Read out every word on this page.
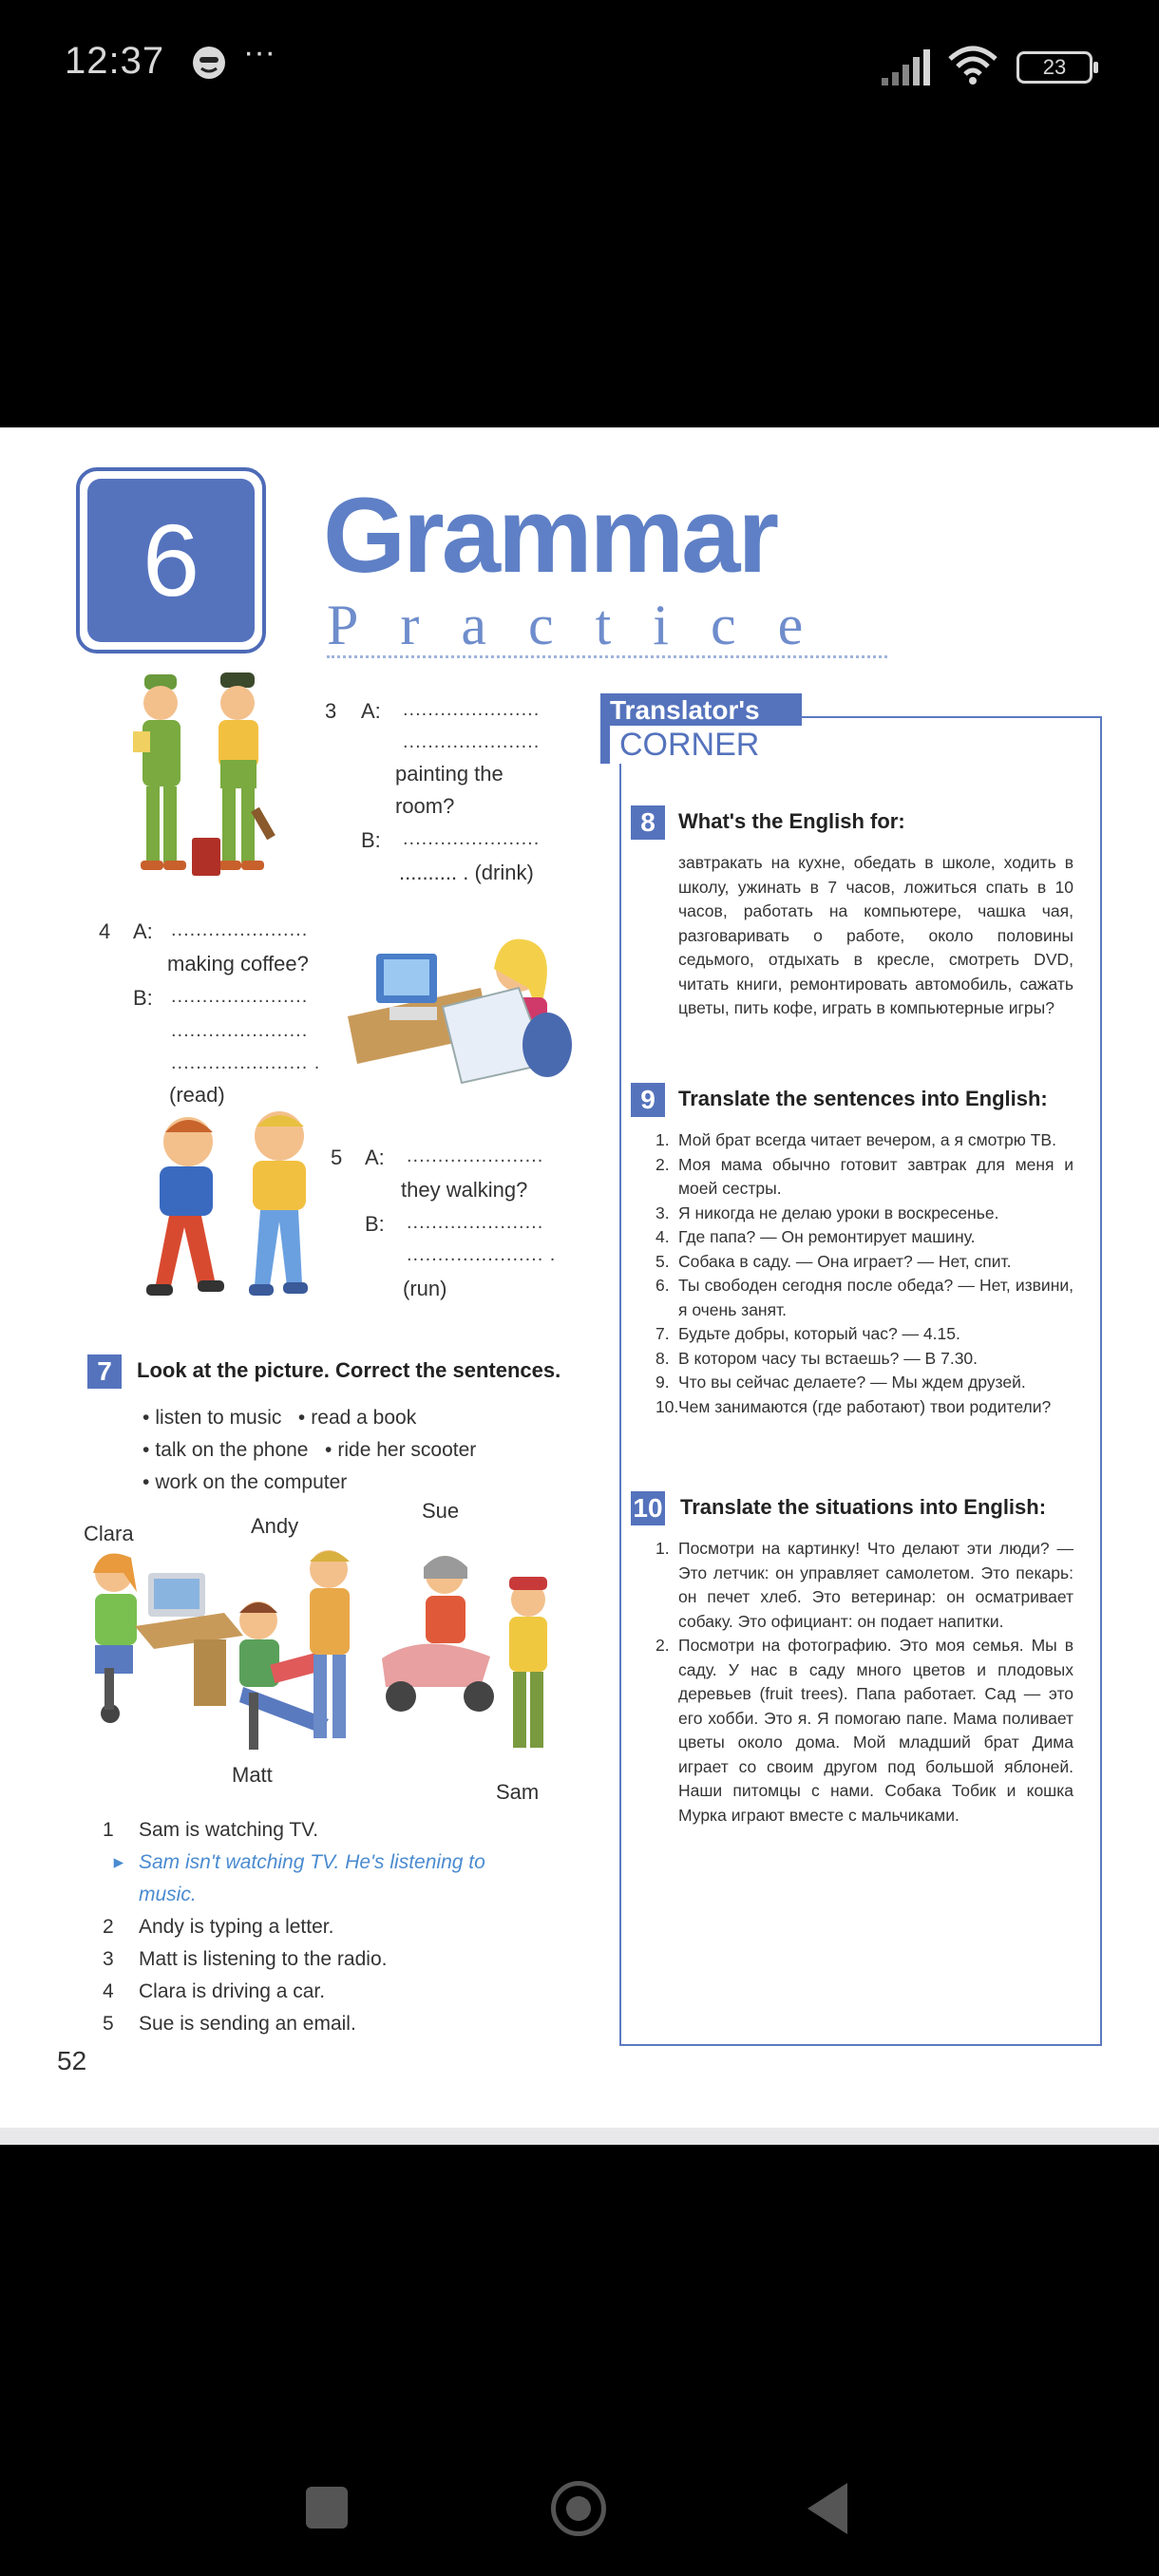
12:37 ···	23
6	Grammar
Practice
3 A: ......................
......................
painting the
room?
B: ......................
.......... . (drink)
4 A: ......................
making coffee?
B: ......................
......................
...................... .
(read)
5 A: ......................
they walking?
B: ......................
...................... .
(run)
7	Look at the picture. Correct the sentences.
• listen to music • read a book
• talk on the phone • ride her scooter
• work on the computer
Clara	Andy
Sue
Matt
Sam
1	Sam is watching TV.
▸ Sam isn't watching TV. He's listening to
music.
2	Andy is typing a letter.
3	Matt is listening to the radio.
4	Clara is driving a car.
5	Sue is sending an email.
52
Translator's
CORNER
8	What's the English for:
завтракать на кухне, обедать в школе, ходить в школу, ужинать в 7 часов, ложиться спать в 10 часов, работать на компьютере, чашка чая, разговаривать о работе, около половины седьмого, отдыхать в кресле, смотреть DVD, читать книги, ремонтировать автомобиль, сажать цветы, пить кофе, играть в компьютерные игры?
9	Translate the sentences into English:
1. Мой брат всегда читает вечером, а я смотрю ТВ.
2. Моя мама обычно готовит завтрак для меня и моей сестры.
3. Я никогда не делаю уроки в воскресенье.
4. Где папа? — Он ремонтирует машину.
5. Собака в саду. — Она играет? — Нет, спит.
6. Ты свободен сегодня после обеда? — Нет, извини, я очень занят.
7. Будьте добры, который час? — 4.15.
8. В котором часу ты встаешь? — В 7.30.
9. Что вы сейчас делаете? — Мы ждем друзей.
10. Чем занимаются (где работают) твои родители?
10 Translate the situations into English:
1. Посмотри на картинку! Что делают эти люди? — Это летчик: он управляет самолетом. Это пекарь: он печет хлеб. Это ветеринар: он осматривает собаку. Это официант: он подает напитки.
2. Посмотри на фотографию. Это моя семья. Мы в саду. У нас в саду много цветов и плодовых деревьев (fruit trees). Папа работает. Сад — это его хобби. Это я. Я помогаю папе. Мама поливает цветы около дома. Мой младший брат Дима играет со своим другом под большой яблоней. Наши питомцы с нами. Собака Тобик и кошка Мурка играют вместе с мальчиками.
